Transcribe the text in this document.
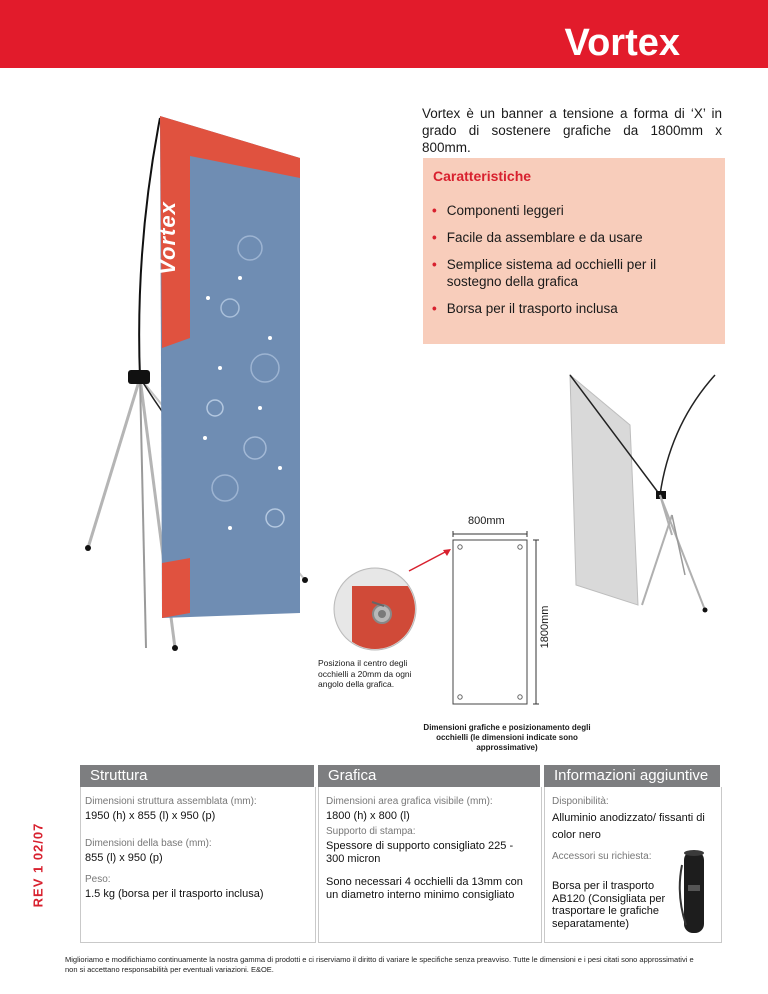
Vortex
Vortex è un banner a tensione a forma di ‘X’ in grado di sostenere grafiche da 1800mm x 800mm.
Caratteristiche
• Componenti leggeri
• Facile da assemblare e da usare
• Semplice sistema ad occhielli per il sostegno della grafica
• Borsa per il trasporto inclusa
Vortex
Posiziona il centro degli occhielli a 20mm da ogni angolo della grafica.
800mm
1800mm
Dimensioni grafiche e posizionamento degli occhielli (le dimensioni indicate sono approssimative)
REV 1 02/07
Struttura	Grafica	Informazioni aggiuntive
Dimensioni struttura assemblata (mm):
1950 (h) x 855 (l) x 950 (p)
Dimensioni della base (mm):
855 (l) x 950 (p)
Peso:
1.5 kg (borsa per il trasporto inclusa)
Dimensioni area grafica visibile (mm):
1800 (h) x 800 (l)
Supporto di stampa:
Spessore di supporto consigliato 225 - 300 micron
Sono necessari 4 occhielli da 13mm con un diametro interno minimo consigliato
Disponibilità:
Alluminio anodizzato/ fissanti di color nero
Accessori su richiesta:
Borsa per il trasporto AB120 (Consigliata per trasportare le grafiche separatamente)
Miglioriamo e modifichiamo continuamente la nostra gamma di prodotti e ci riserviamo il diritto di variare le specifiche senza preavviso. Tutte le dimensioni e i pesi citati sono approssimativi e non si accettano responsabilità per eventuali variazioni. E&OE.
